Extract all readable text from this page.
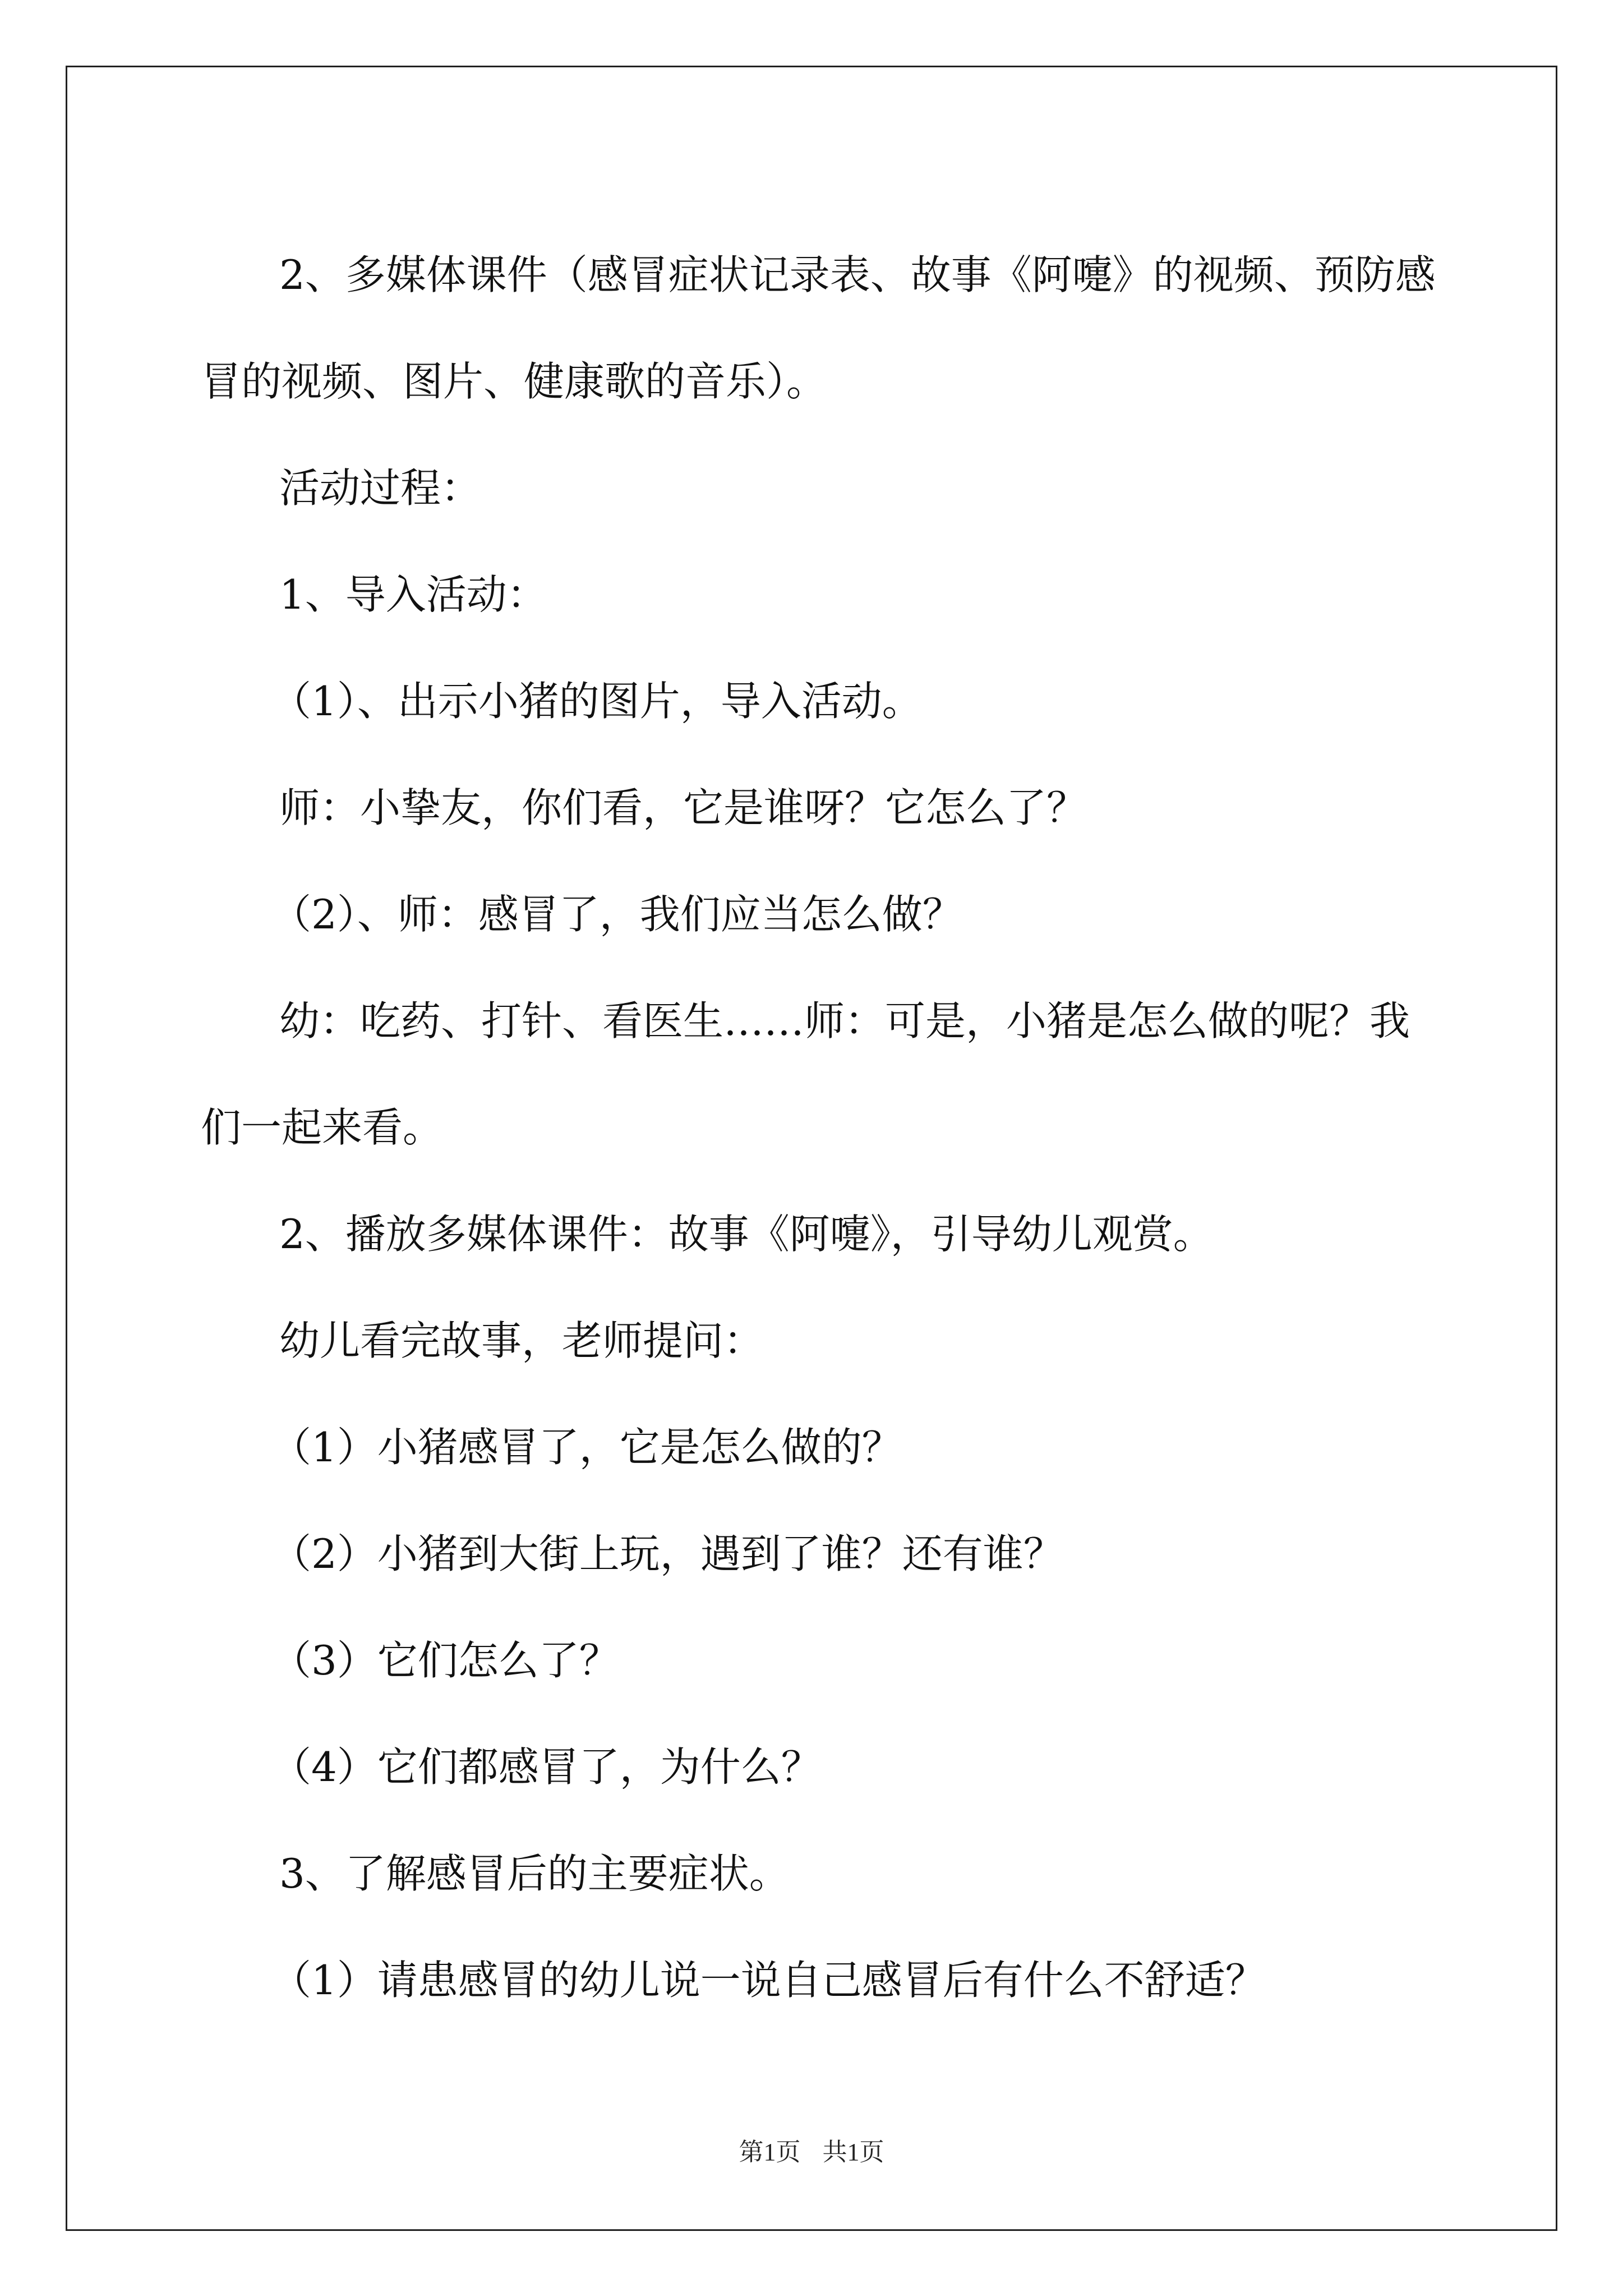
2、多媒体课件（感冒症状记录表、故事《阿嚏》的视频、预防感
冒的视频、图片、健康歌的音乐）。
活动过程：
1、导入活动：
（1）、出示小猪的图片，导入活动。
师：小挚友，你们看，它是谁呀？它怎么了？
（2）、师：感冒了，我们应当怎么做？
幼：吃药、打针、看医生……师：可是，小猪是怎么做的呢？我
们一起来看。
2、播放多媒体课件：故事《阿嚏》，引导幼儿观赏。
幼儿看完故事，老师提问：
（1）小猪感冒了，它是怎么做的？
（2）小猪到大街上玩，遇到了谁？还有谁？
（3）它们怎么了？
（4）它们都感冒了，为什么？
3、了解感冒后的主要症状。
（1）请患感冒的幼儿说一说自己感冒后有什么不舒适？
第1页 共1页
